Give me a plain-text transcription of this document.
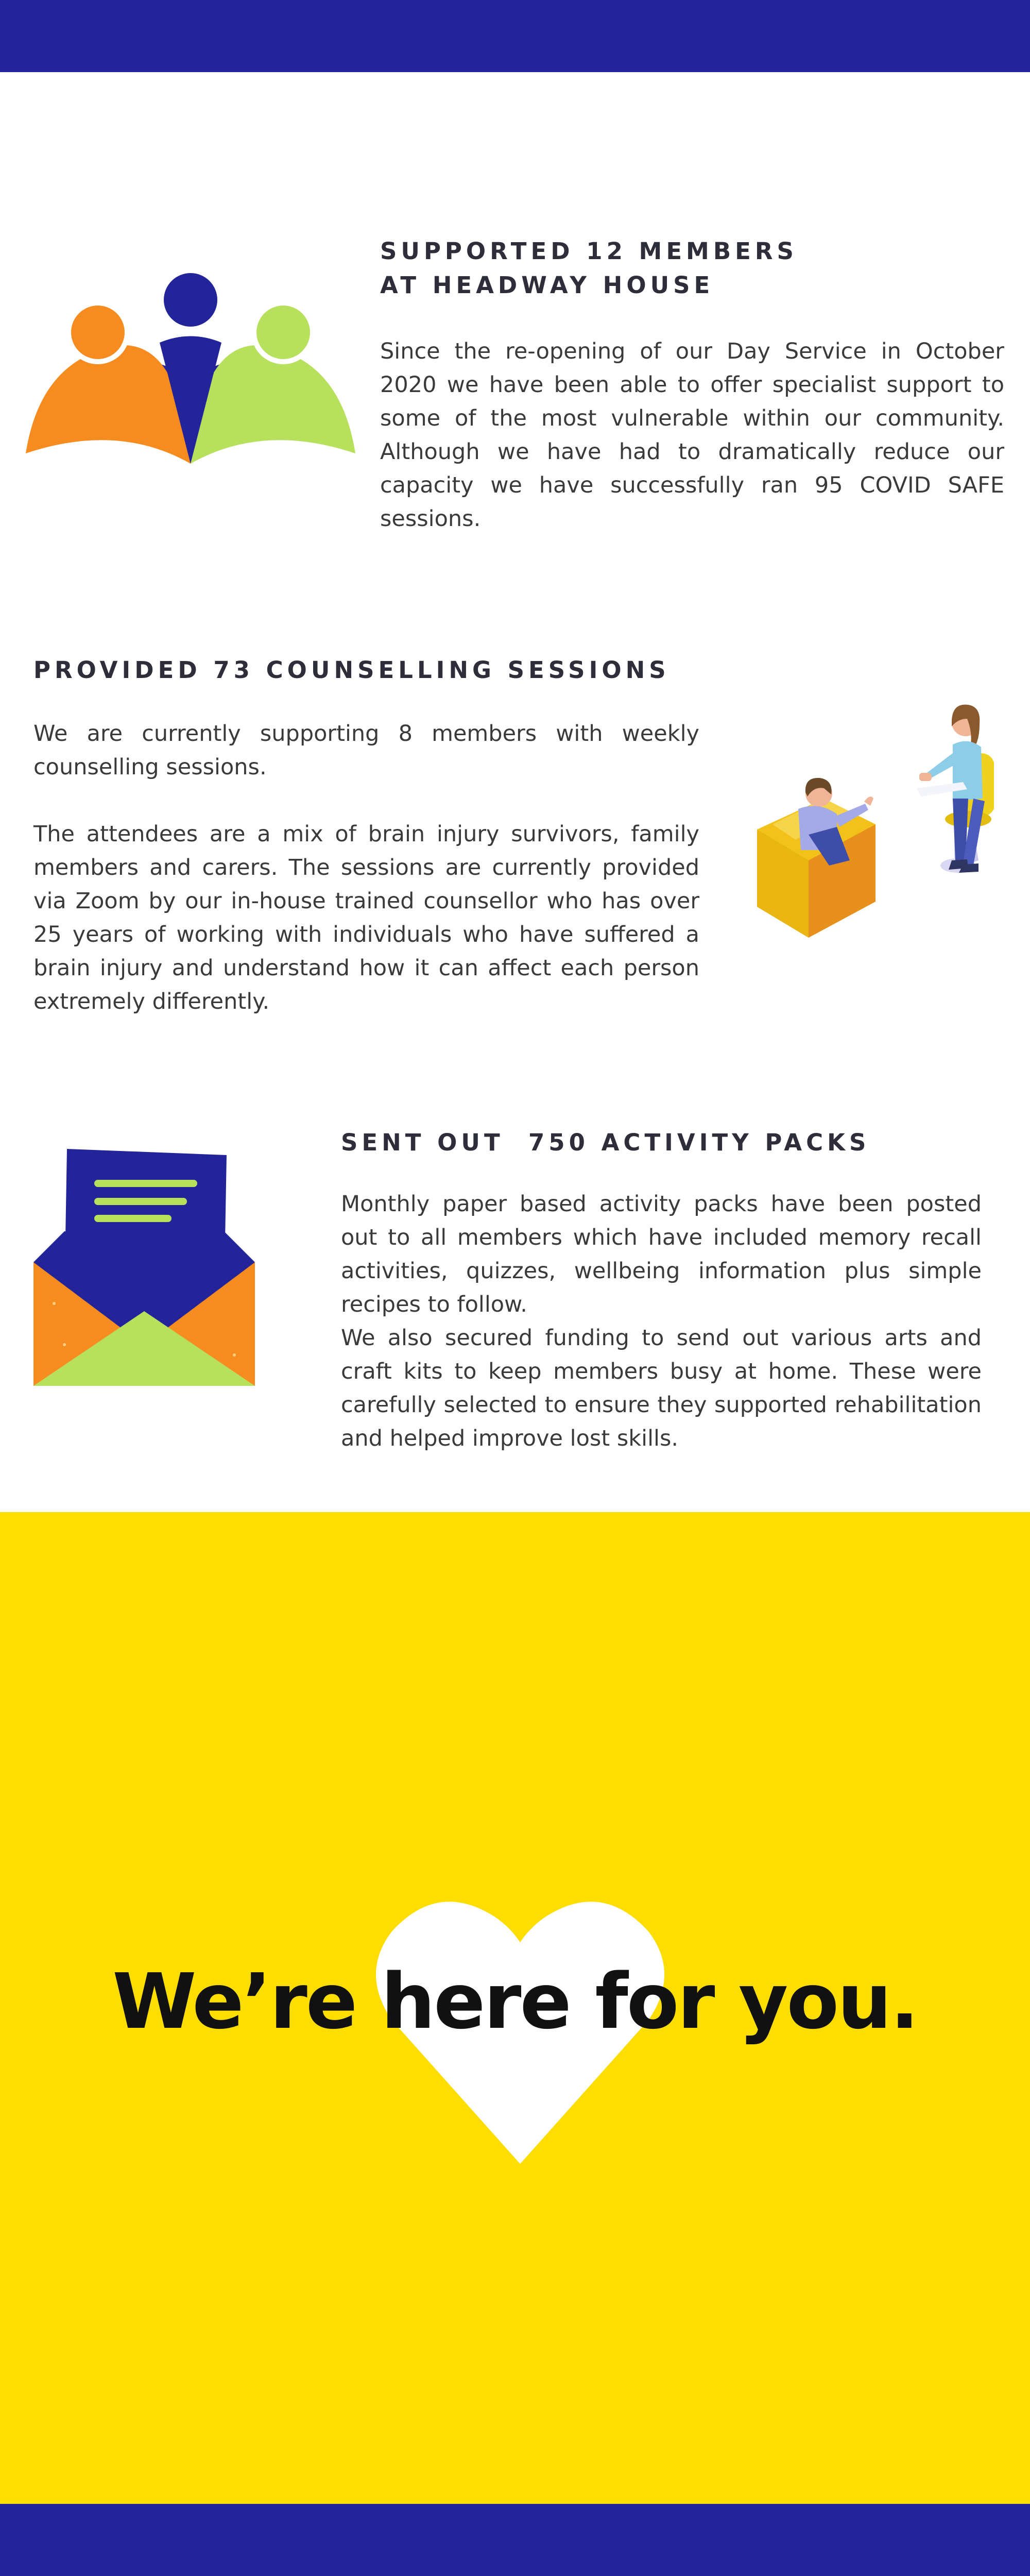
SUPPORTED 12 MEMBERS
AT HEADWAY HOUSE

Since the re-opening of our Day Service in October 2020 we have been able to offer specialist support to some of the most vulnerable within our community. Although we have had to dramatically reduce our capacity we have successfully ran 95 COVID SAFE sessions.

PROVIDED 73 COUNSELLING SESSIONS

We are currently supporting 8 members with weekly counselling sessions.

The attendees are a mix of brain injury survivors, family members and carers. The sessions are currently provided via Zoom by our in-house trained counsellor who has over 25 years of working with individuals who have suffered a brain injury and understand how it can affect each person extremely differently.

SENT OUT  750 ACTIVITY PACKS

Monthly paper based activity packs have been posted out to all members which have included memory recall activities, quizzes, wellbeing information plus simple recipes to follow.

We also secured funding to send out various arts and craft kits to keep members busy at home. These were carefully selected to ensure they supported rehabilitation and helped improve lost skills.

We’re here for you.
